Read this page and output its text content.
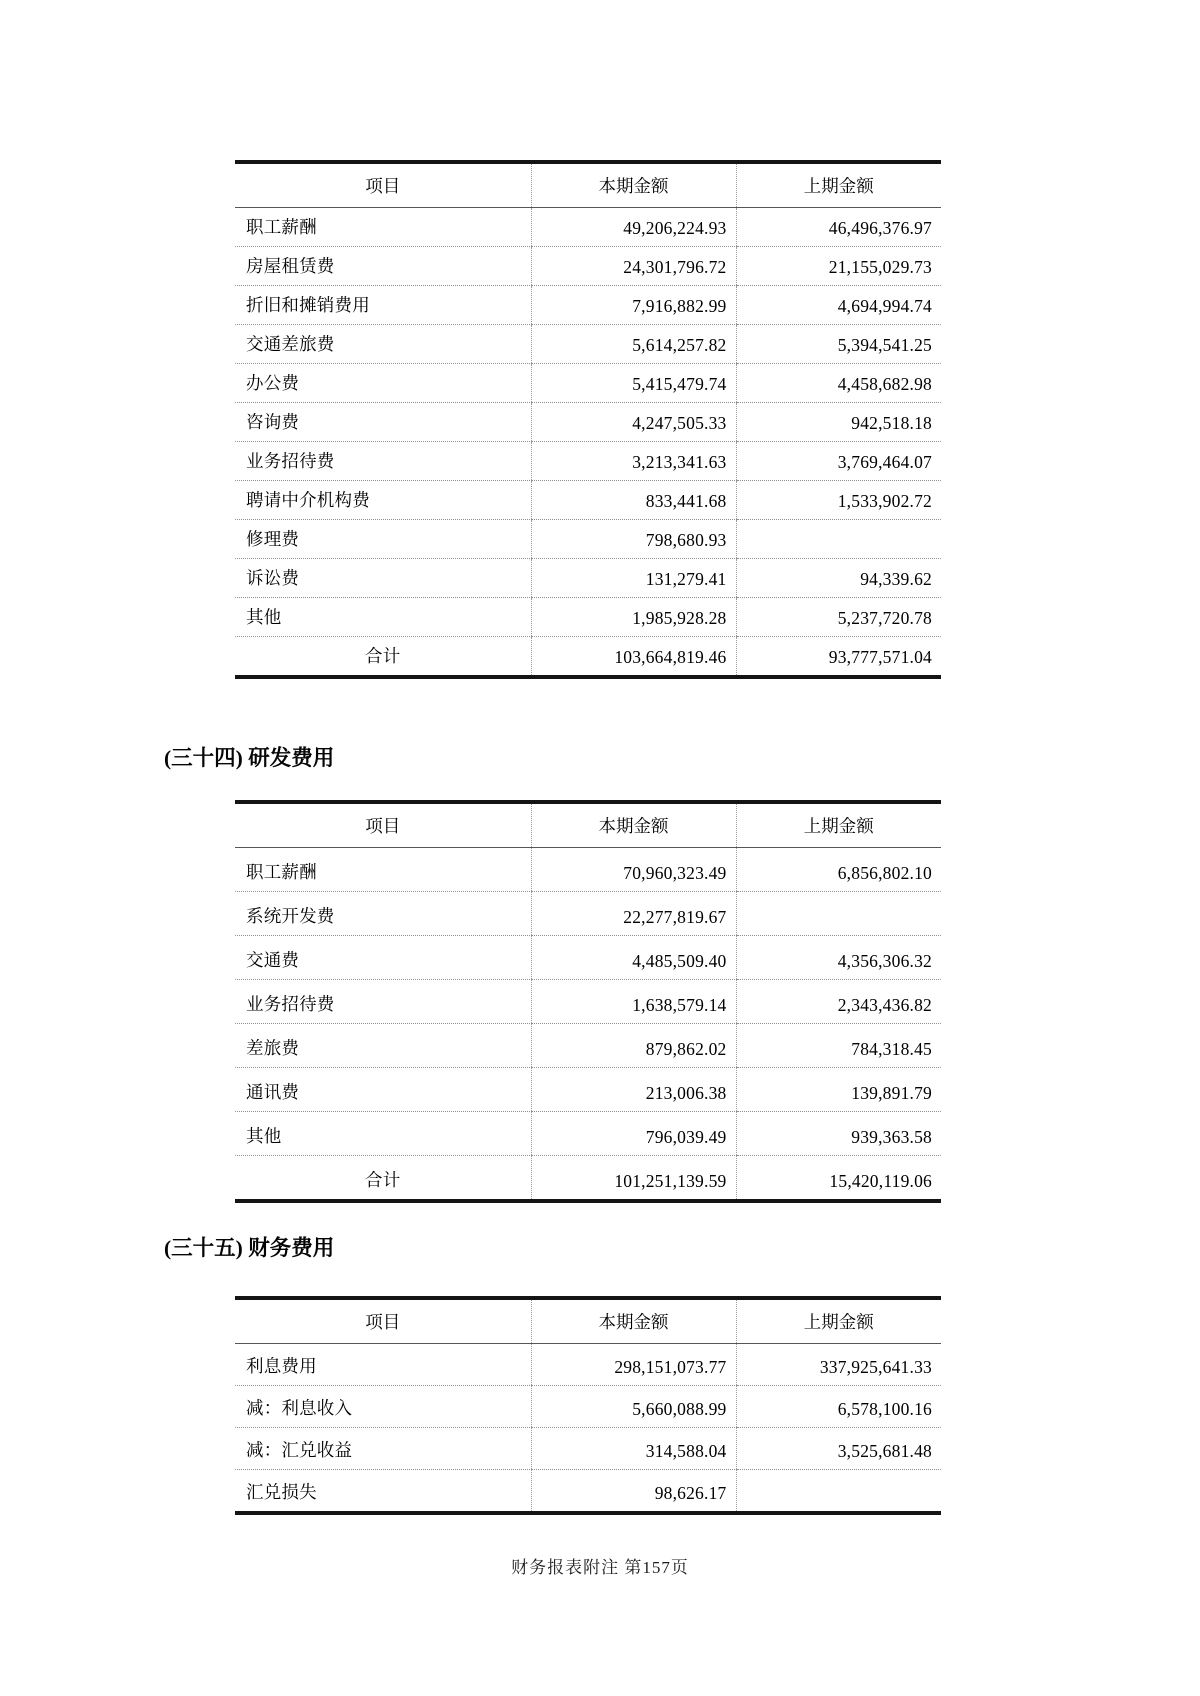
项目	本期金额	上期金额
职工薪酬	49,206,224.93	46,496,376.97
房屋租赁费	24,301,796.72	21,155,029.73
折旧和摊销费用	7,916,882.99	4,694,994.74
交通差旅费	5,614,257.82	5,394,541.25
办公费	5,415,479.74	4,458,682.98
咨询费	4,247,505.33	942,518.18
业务招待费	3,213,341.63	3,769,464.07
聘请中介机构费	833,441.68	1,533,902.72
修理费	798,680.93	
诉讼费	131,279.41	94,339.62
其他	1,985,928.28	5,237,720.78
合计	103,664,819.46	93,777,571.04
(三十四) 研发费用
项目	本期金额	上期金额
职工薪酬	70,960,323.49	6,856,802.10
系统开发费	22,277,819.67	
交通费	4,485,509.40	4,356,306.32
业务招待费	1,638,579.14	2,343,436.82
差旅费	879,862.02	784,318.45
通讯费	213,006.38	139,891.79
其他	796,039.49	939,363.58
合计	101,251,139.59	15,420,119.06
(三十五) 财务费用
项目	本期金额	上期金额
利息费用	298,151,073.77	337,925,641.33
减：利息收入	5,660,088.99	6,578,100.16
减：汇兑收益	314,588.04	3,525,681.48
汇兑损失	98,626.17	
财务报表附注 第157页
